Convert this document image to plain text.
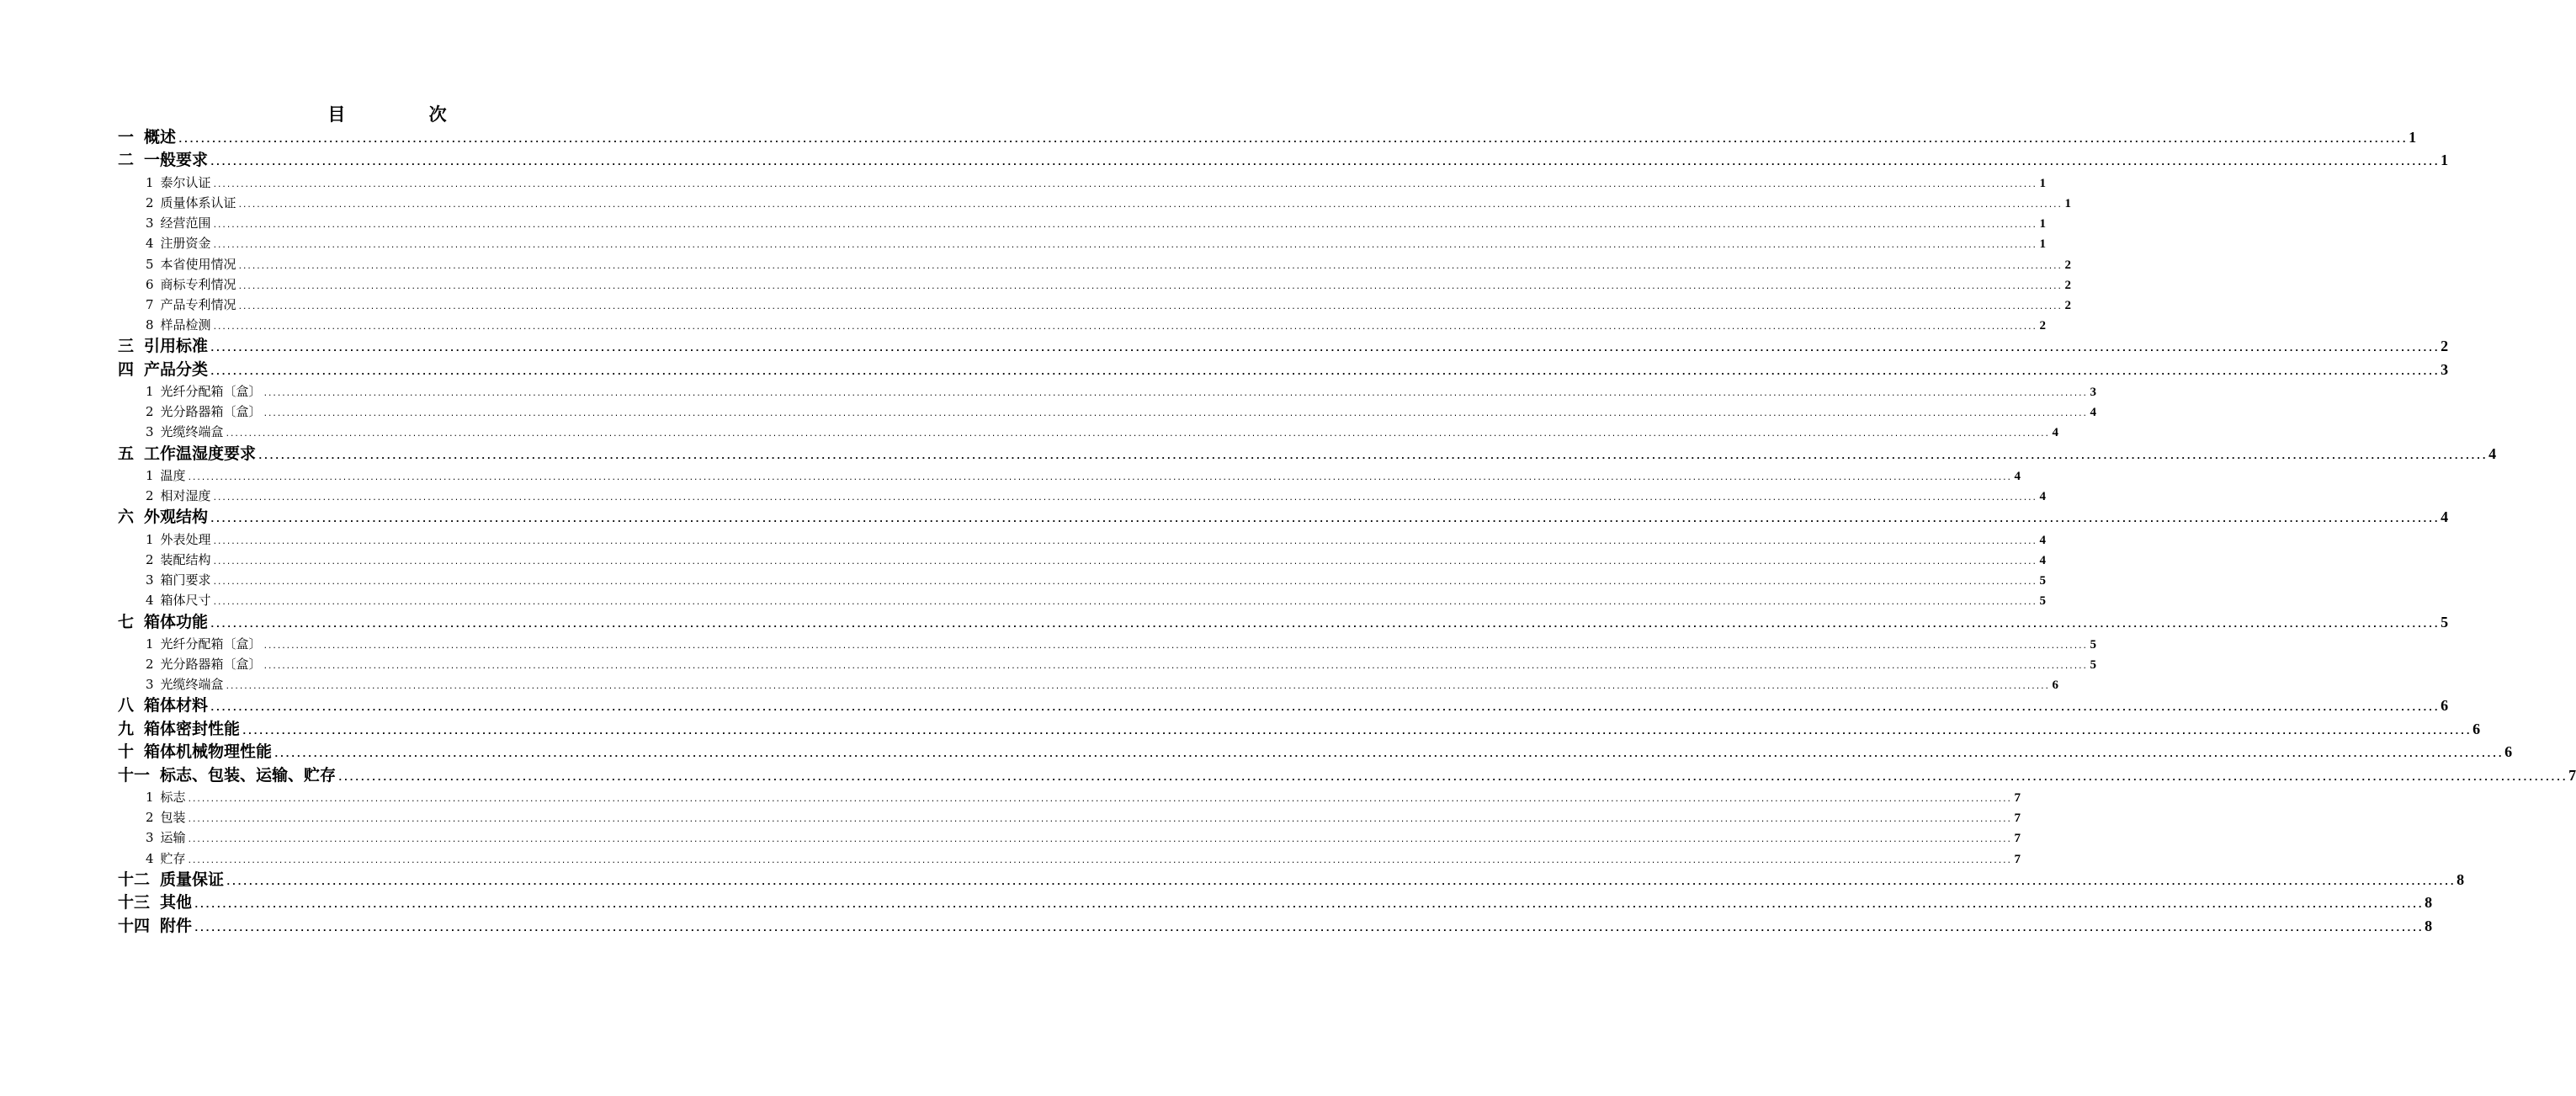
目 次
一 概述 ................................................................................................................................................................................................................................................................................................................................................................................................................ 1
二 一般要求 ................................................................................................................................................................................................................................................................................................................................................................................................................ 1
1 泰尔认证 ................................................................................................................................................................................................................................................................................................................................................................................................................ 1
2 质量体系认证 ................................................................................................................................................................................................................................................................................................................................................................................................................ 1
3 经营范围 ................................................................................................................................................................................................................................................................................................................................................................................................................ 1
4 注册资金 ................................................................................................................................................................................................................................................................................................................................................................................................................ 1
5 本省使用情况 ................................................................................................................................................................................................................................................................................................................................................................................................................ 2
6 商标专利情况 ................................................................................................................................................................................................................................................................................................................................................................................................................ 2
7 产品专利情况 ................................................................................................................................................................................................................................................................................................................................................................................................................ 2
8 样品检测 ................................................................................................................................................................................................................................................................................................................................................................................................................ 2
三 引用标准 ................................................................................................................................................................................................................................................................................................................................................................................................................ 2
四 产品分类 ................................................................................................................................................................................................................................................................................................................................................................................................................ 3
1 光纤分配箱〔盒〕 ................................................................................................................................................................................................................................................................................................................................................................................................................ 3
2 光分路器箱〔盒〕 ................................................................................................................................................................................................................................................................................................................................................................................................................ 4
3 光缆终端盒 ................................................................................................................................................................................................................................................................................................................................................................................................................ 4
五 工作温湿度要求 ................................................................................................................................................................................................................................................................................................................................................................................................................ 4
1 温度 ................................................................................................................................................................................................................................................................................................................................................................................................................ 4
2 相对湿度 ................................................................................................................................................................................................................................................................................................................................................................................................................ 4
六 外观结构 ................................................................................................................................................................................................................................................................................................................................................................................................................ 4
1 外表处理 ................................................................................................................................................................................................................................................................................................................................................................................................................ 4
2 装配结构 ................................................................................................................................................................................................................................................................................................................................................................................................................ 4
3 箱门要求 ................................................................................................................................................................................................................................................................................................................................................................................................................ 5
4 箱体尺寸 ................................................................................................................................................................................................................................................................................................................................................................................................................ 5
七 箱体功能 ................................................................................................................................................................................................................................................................................................................................................................................................................ 5
1 光纤分配箱〔盒〕 ................................................................................................................................................................................................................................................................................................................................................................................................................ 5
2 光分路器箱〔盒〕 ................................................................................................................................................................................................................................................................................................................................................................................................................ 5
3 光缆终端盒 ................................................................................................................................................................................................................................................................................................................................................................................................................ 6
八 箱体材料 ................................................................................................................................................................................................................................................................................................................................................................................................................ 6
九 箱体密封性能 ................................................................................................................................................................................................................................................................................................................................................................................................................ 6
十 箱体机械物理性能 ................................................................................................................................................................................................................................................................................................................................................................................................................ 6
十一 标志、包装、运输、贮存 ................................................................................................................................................................................................................................................................................................................................................................................................................ 7
1 标志 ................................................................................................................................................................................................................................................................................................................................................................................................................ 7
2 包装 ................................................................................................................................................................................................................................................................................................................................................................................................................ 7
3 运输 ................................................................................................................................................................................................................................................................................................................................................................................................................ 7
4 贮存 ................................................................................................................................................................................................................................................................................................................................................................................................................ 7
十二 质量保证 ................................................................................................................................................................................................................................................................................................................................................................................................................ 8
十三 其他 ................................................................................................................................................................................................................................................................................................................................................................................................................ 8
十四 附件 ................................................................................................................................................................................................................................................................................................................................................................................................................ 8
